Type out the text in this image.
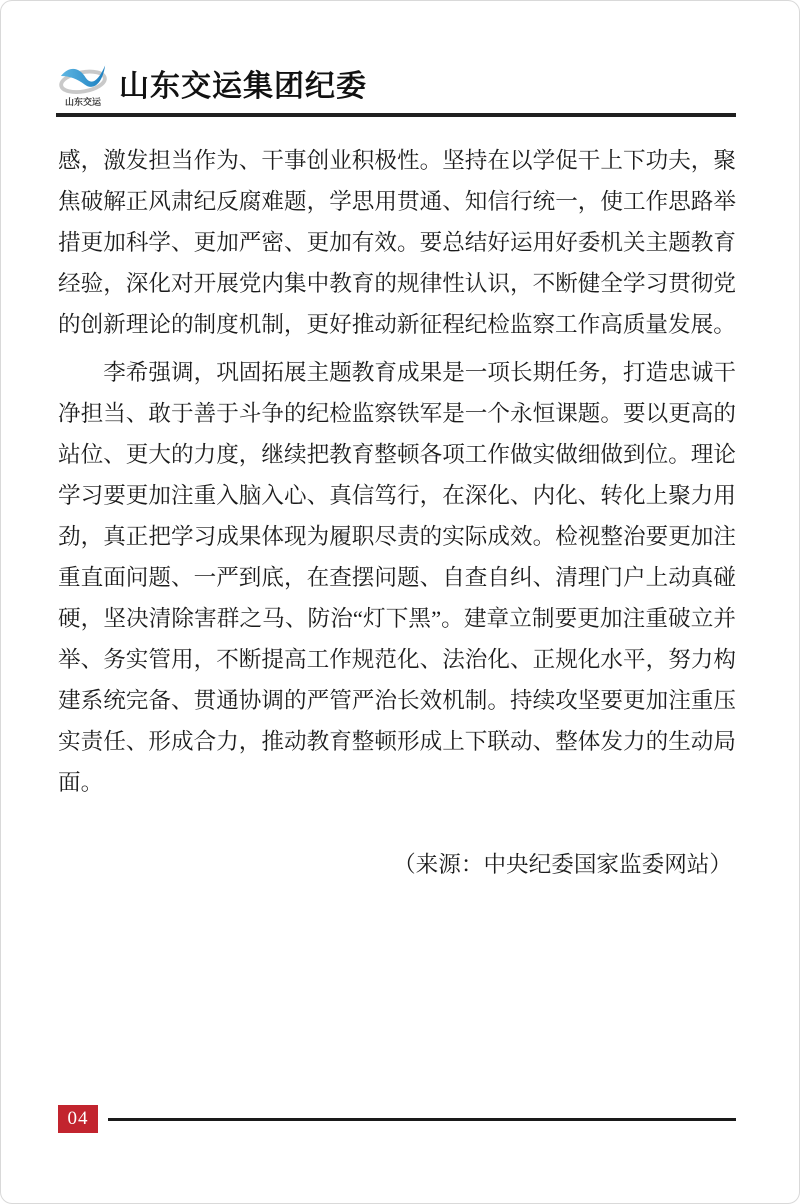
山东交运 山东交运集团纪委
感，激发担当作为、干事创业积极性。坚持在以学促干上下功夫，聚焦破解正风肃纪反腐难题，学思用贯通、知信行统一，使工作思路举措更加科学、更加严密、更加有效。要总结好运用好委机关主题教育经验，深化对开展党内集中教育的规律性认识，不断健全学习贯彻党的创新理论的制度机制，更好推动新征程纪检监察工作高质量发展。
李希强调，巩固拓展主题教育成果是一项长期任务，打造忠诚干净担当、敢于善于斗争的纪检监察铁军是一个永恒课题。要以更高的站位、更大的力度，继续把教育整顿各项工作做实做细做到位。理论学习要更加注重入脑入心、真信笃行，在深化、内化、转化上聚力用劲，真正把学习成果体现为履职尽责的实际成效。检视整治要更加注重直面问题、一严到底，在查摆问题、自查自纠、清理门户上动真碰硬，坚决清除害群之马、防治“灯下黑”。建章立制要更加注重破立并举、务实管用，不断提高工作规范化、法治化、正规化水平，努力构建系统完备、贯通协调的严管严治长效机制。持续攻坚要更加注重压实责任、形成合力，推动教育整顿形成上下联动、整体发力的生动局面。
（来源：中央纪委国家监委网站）
04
